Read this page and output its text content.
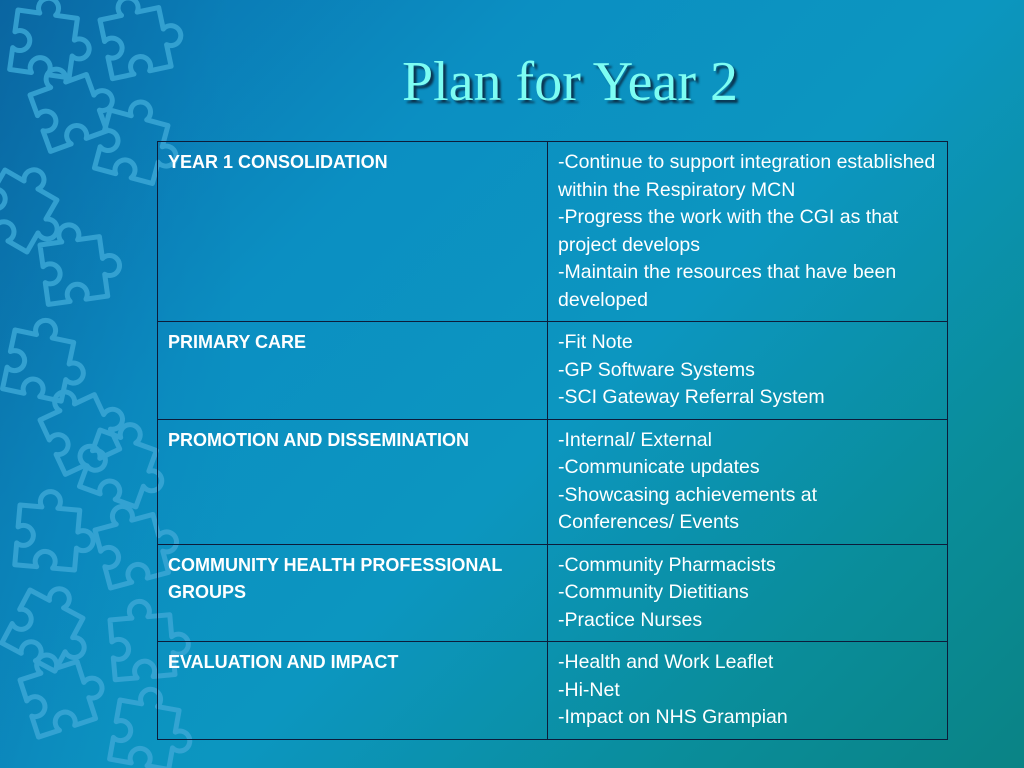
Plan for Year 2
YEAR 1 CONSOLIDATION	-Continue to support integration established within the Respiratory MCN
-Progress the work with the CGI as that project develops
-Maintain the resources that have been developed

PRIMARY CARE	-Fit Note
-GP Software Systems
-SCI Gateway Referral System

PROMOTION AND DISSEMINATION	-Internal/ External
-Communicate updates
-Showcasing achievements at Conferences/ Events

COMMUNITY HEALTH PROFESSIONAL GROUPS	-Community Pharmacists
-Community Dietitians
-Practice Nurses

EVALUATION AND IMPACT	-Health and Work Leaflet
-Hi-Net
-Impact on NHS Grampian
